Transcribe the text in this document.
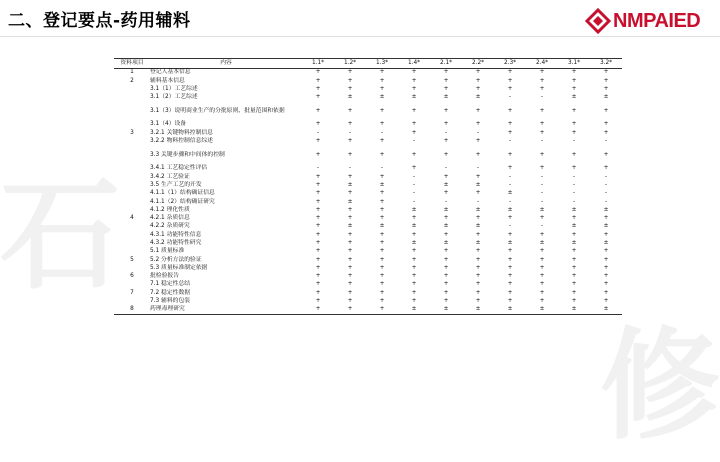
石
修
二、登记要点-药用辅料	NMPAIED
资料项目	内容	1.1*	1.2*	1.3*	1.4*	2.1*	2.2*	2.3*	2.4*	3.1*	3.2*
1	登记人基本信息	+	+	+	+	+	+	+	+	+	+
2	辅料基本信息	+	+	+	+	+	+	+	+	+	+
	3.1（1）工艺综述	+	+	+	+	+	+	+	+	+	+
	3.1（2）工艺综述	+	±	±	±	±	±	-	-	±	±
	3.1（3）说明商业生产的分批原则、批量范围和依据	+	+	+	+	+	+	+	+	+	+
	3.1（4）设备	+	+	+	+	+	+	+	+	+	+
3	3.2.1 关键物料控制信息	-	-	-	+	-	-	+	+	+	+
	3.2.2 物料控制信息综述	+	+	+	-	+	+	-	-	-	-
	3.3 关键步骤和中间体的控制	+	+	+	+	+	+	+	+	+	+
	3.4.1 工艺稳定性评估	-	-	-	+	-	-	+	+	+	+
	3.4.2 工艺验证	+	+	+	-	+	+	-	-	-	-
	3.5 生产工艺的开发	+	±	±	-	±	±	-	-	-	-
	4.1.1（1）结构确证信息	+	+	+	-	+	+	±	-	-	-
	4.1.1（2）结构确证研究	+	±	+	-	-	-	-	-	-	-
	4.1.2 理化性质	+	+	+	±	±	±	±	±	±	±
4	4.2.1 杂质信息	+	+	+	+	+	+	+	+	+	+
	4.2.2 杂质研究	+	±	±	±	±	±	-	-	±	±
	4.3.1 功能特性信息	+	+	+	+	+	+	+	+	+	+
	4.3.2 功能特性研究	+	+	+	±	±	±	±	±	±	±
	5.1 质量标准	+	+	+	+	+	+	+	+	+	+
5	5.2 分析方法的验证	+	+	+	+	+	+	+	+	+	+
	5.3 质量标准制定依据	+	+	+	+	+	+	+	+	+	+
6	批检验报告	+	+	+	+	+	+	+	+	+	+
	7.1 稳定性总结	+	+	+	+	+	+	+	+	+	+
7	7.2 稳定性数据	+	+	+	+	+	+	+	+	+	+
	7.3 辅料的包装	+	+	+	+	+	+	+	+	+	+
8	药理毒理研究	+	+	+	±	±	±	±	±	±	±
